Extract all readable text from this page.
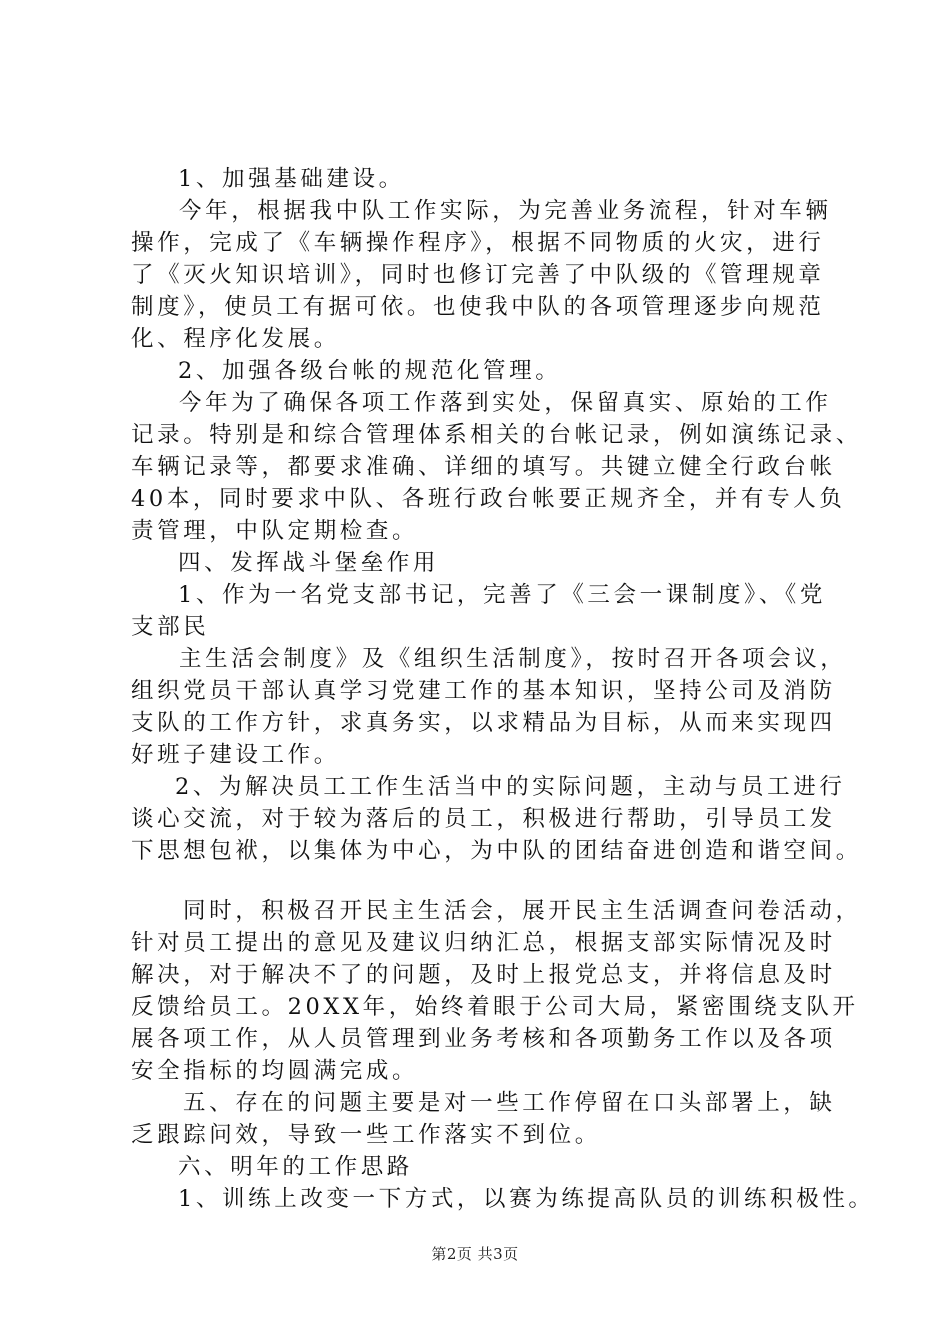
1、加强基础建设。
今年，根据我中队工作实际，为完善业务流程，针对车辆
操作，完成了《车辆操作程序》，根据不同物质的火灾，进行
了《灭火知识培训》，同时也修订完善了中队级的《管理规章
制度》，使员工有据可依。也使我中队的各项管理逐步向规范
化、程序化发展。
2、加强各级台帐的规范化管理。
今年为了确保各项工作落到实处，保留真实、原始的工作
记录。特别是和综合管理体系相关的台帐记录，例如演练记录、
车辆记录等，都要求准确、详细的填写。共键立健全行政台帐
40本，同时要求中队、各班行政台帐要正规齐全，并有专人负
责管理，中队定期检查。
四、发挥战斗堡垒作用
1、作为一名党支部书记，完善了《三会一课制度》、《党
支部民
主生活会制度》及《组织生活制度》，按时召开各项会议，
组织党员干部认真学习党建工作的基本知识，坚持公司及消防
支队的工作方针，求真务实，以求精品为目标，从而来实现四
好班子建设工作。
2、为解决员工工作生活当中的实际问题，主动与员工进行
谈心交流，对于较为落后的员工，积极进行帮助，引导员工发
下思想包袱，以集体为中心，为中队的团结奋进创造和谐空间。
同时，积极召开民主生活会，展开民主生活调查问卷活动，
针对员工提出的意见及建议归纳汇总，根据支部实际情况及时
解决，对于解决不了的问题，及时上报党总支，并将信息及时
反馈给员工。20XX年，始终着眼于公司大局，紧密围绕支队开
展各项工作，从人员管理到业务考核和各项勤务工作以及各项
安全指标的均圆满完成。
五、存在的问题主要是对一些工作停留在口头部署上，缺
乏跟踪问效，导致一些工作落实不到位。
六、明年的工作思路
1、训练上改变一下方式，以赛为练提高队员的训练积极性。
第2页 共3页
